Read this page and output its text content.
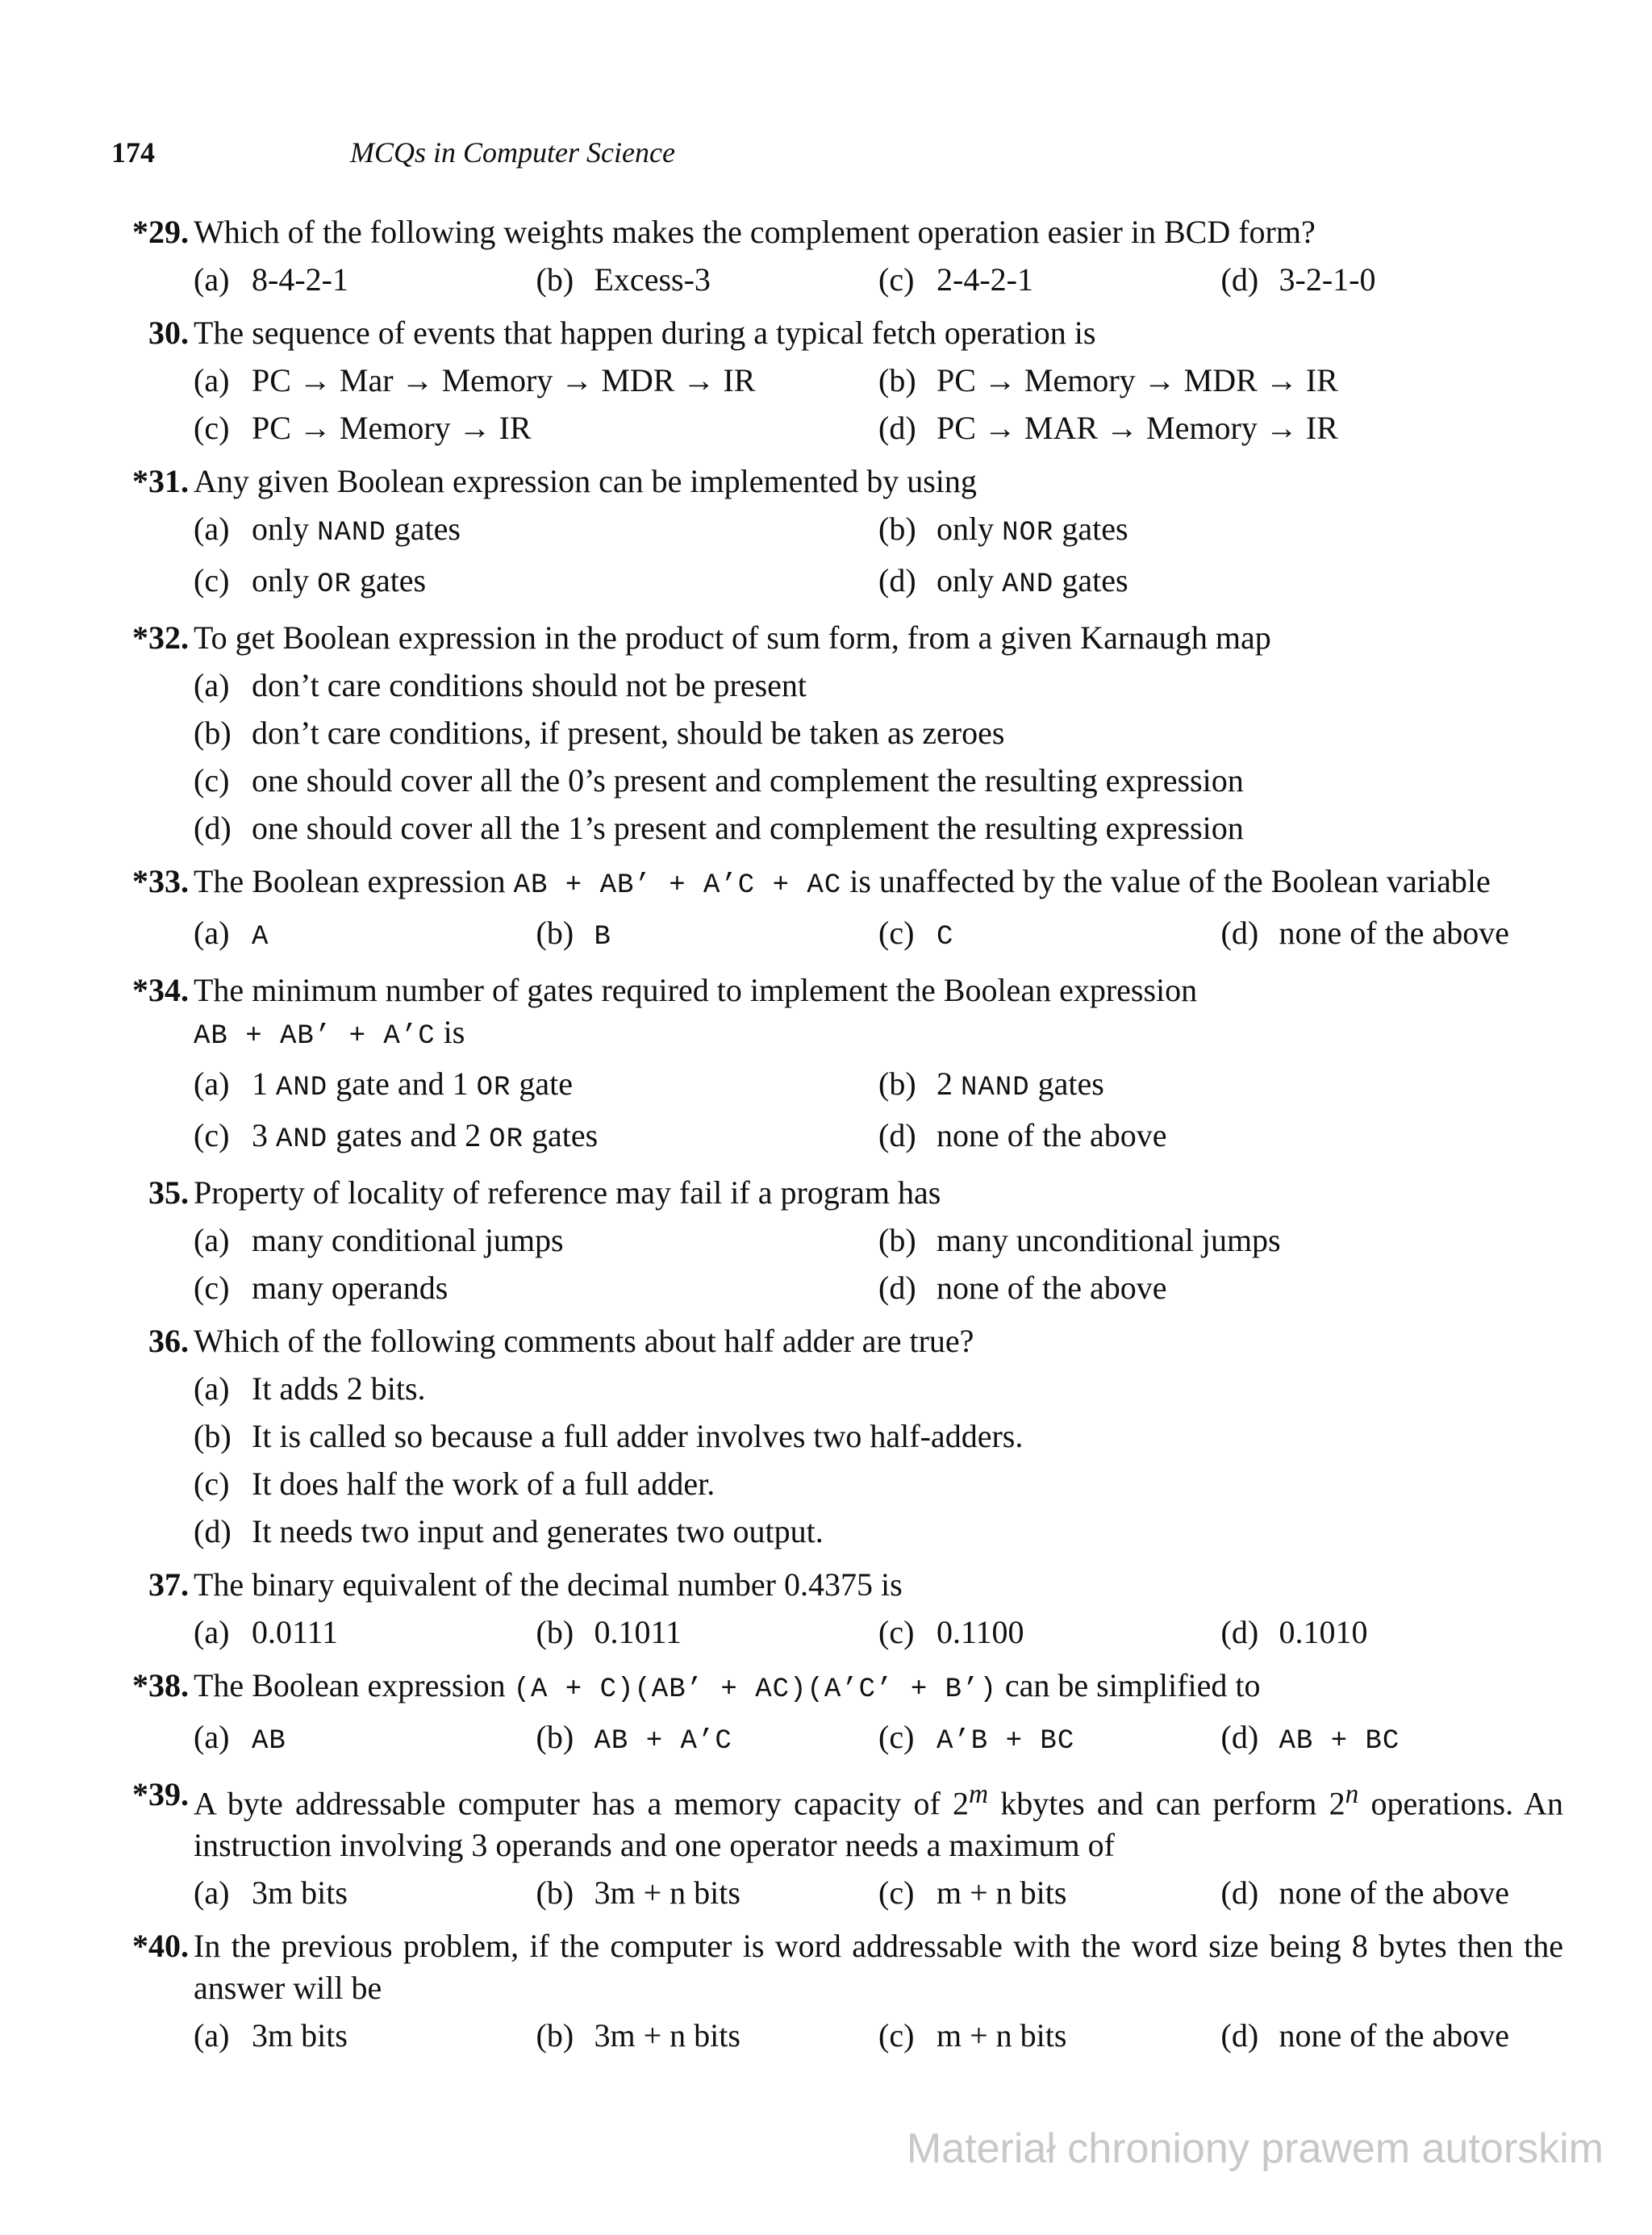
174	MCQs in Computer Science
*29. Which of the following weights makes the complement operation easier in BCD form?
(a) 8-4-2-1	(b) Excess-3	(c) 2-4-2-1	(d) 3-2-1-0
30. The sequence of events that happen during a typical fetch operation is
(a) PC → Mar → Memory → MDR → IR	(b) PC → Memory → MDR → IR
(c) PC → Memory → IR	(d) PC → MAR → Memory → IR
*31. Any given Boolean expression can be implemented by using
(a) only NAND gates	(b) only NOR gates
(c) only OR gates	(d) only AND gates
*32. To get Boolean expression in the product of sum form, from a given Karnaugh map
(a) don’t care conditions should not be present
(b) don’t care conditions, if present, should be taken as zeroes
(c) one should cover all the 0’s present and complement the resulting expression
(d) one should cover all the 1’s present and complement the resulting expression
*33. The Boolean expression AB + AB’ + A’C + AC is unaffected by the value of the Boolean variable
(a) A	(b) B	(c) C	(d) none of the above
*34. The minimum number of gates required to implement the Boolean expression
AB + AB’ + A’C is
(a) 1 AND gate and 1 OR gate	(b) 2 NAND gates
(c) 3 AND gates and 2 OR gates	(d) none of the above
35. Property of locality of reference may fail if a program has
(a) many conditional jumps	(b) many unconditional jumps
(c) many operands	(d) none of the above
36. Which of the following comments about half adder are true?
(a) It adds 2 bits.
(b) It is called so because a full adder involves two half-adders.
(c) It does half the work of a full adder.
(d) It needs two input and generates two output.
37. The binary equivalent of the decimal number 0.4375 is
(a) 0.0111	(b) 0.1011	(c) 0.1100	(d) 0.1010
*38. The Boolean expression (A + C)(AB’ + AC)(A’C’ + B’) can be simplified to
(a) AB	(b) AB + A’C	(c) A’B + BC	(d) AB + BC
*39. A byte addressable computer has a memory capacity of 2$^m$ kbytes and can perform 2$^n$ operations. An instruction involving 3 operands and one operator needs a maximum of
(a) 3m bits	(b) 3m + n bits	(c) m + n bits	(d) none of the above
*40. In the previous problem, if the computer is word addressable with the word size being 8 bytes then the answer will be
(a) 3m bits	(b) 3m + n bits	(c) m + n bits	(d) none of the above
Materiał chroniony prawem autorskim
